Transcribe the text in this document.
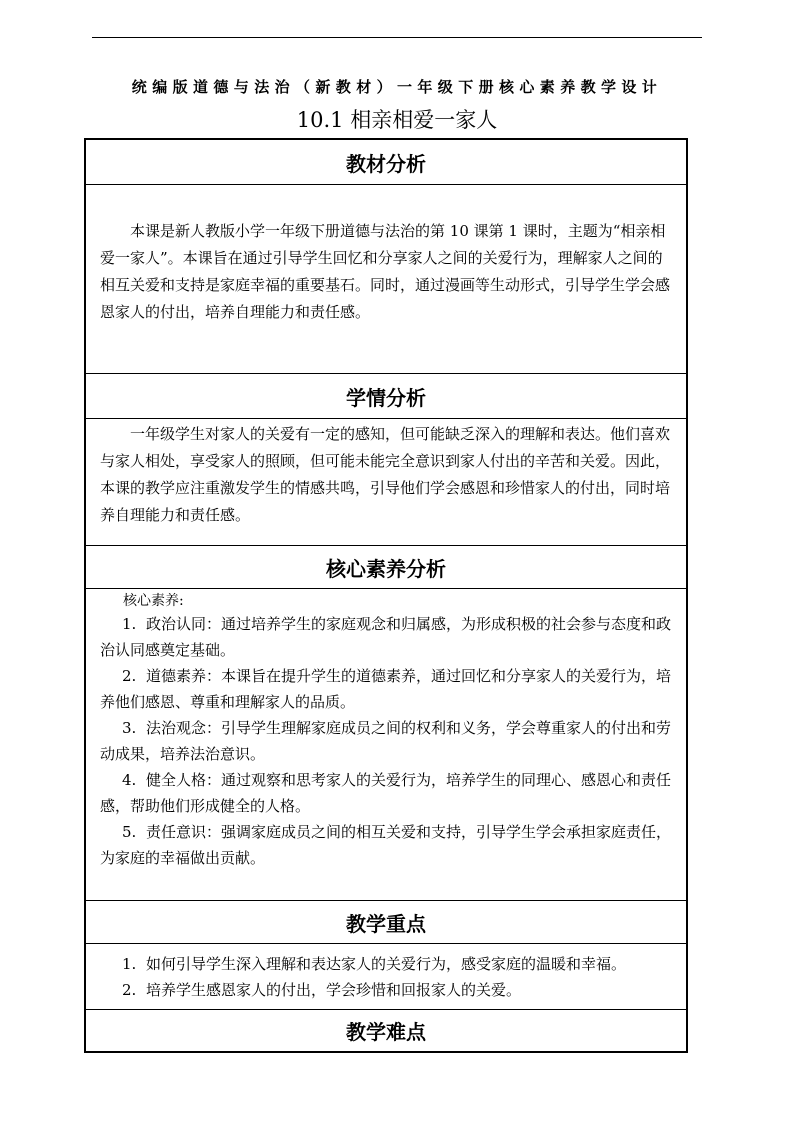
统编版道德与法治（新教材）一年级下册核心素养教学设计
10.1 相亲相爱一家人
教材分析

本课是新人教版小学一年级下册道德与法治的第 10 课第 1 课时，主题为“相亲相爱一家人”。本课旨在通过引导学生回忆和分享家人之间的关爱行为，理解家人之间的相互关爱和支持是家庭幸福的重要基石。同时，通过漫画等生动形式，引导学生学会感恩家人的付出，培养自理能力和责任感。

学情分析

一年级学生对家人的关爱有一定的感知，但可能缺乏深入的理解和表达。他们喜欢与家人相处，享受家人的照顾，但可能未能完全意识到家人付出的辛苦和关爱。因此，本课的教学应注重激发学生的情感共鸣，引导他们学会感恩和珍惜家人的付出，同时培养自理能力和责任感。

核心素养分析

核心素养:

1. 政治认同：通过培养学生的家庭观念和归属感，为形成积极的社会参与态度和政治认同感奠定基础。

2. 道德素养：本课旨在提升学生的道德素养，通过回忆和分享家人的关爱行为，培养他们感恩、尊重和理解家人的品质。

3. 法治观念：引导学生理解家庭成员之间的权利和义务，学会尊重家人的付出和劳动成果，培养法治意识。

4. 健全人格：通过观察和思考家人的关爱行为，培养学生的同理心、感恩心和责任感，帮助他们形成健全的人格。

5. 责任意识：强调家庭成员之间的相互关爱和支持，引导学生学会承担家庭责任，为家庭的幸福做出贡献。

教学重点

1. 如何引导学生深入理解和表达家人的关爱行为，感受家庭的温暖和幸福。

2. 培养学生感恩家人的付出，学会珍惜和回报家人的关爱。

教学难点
